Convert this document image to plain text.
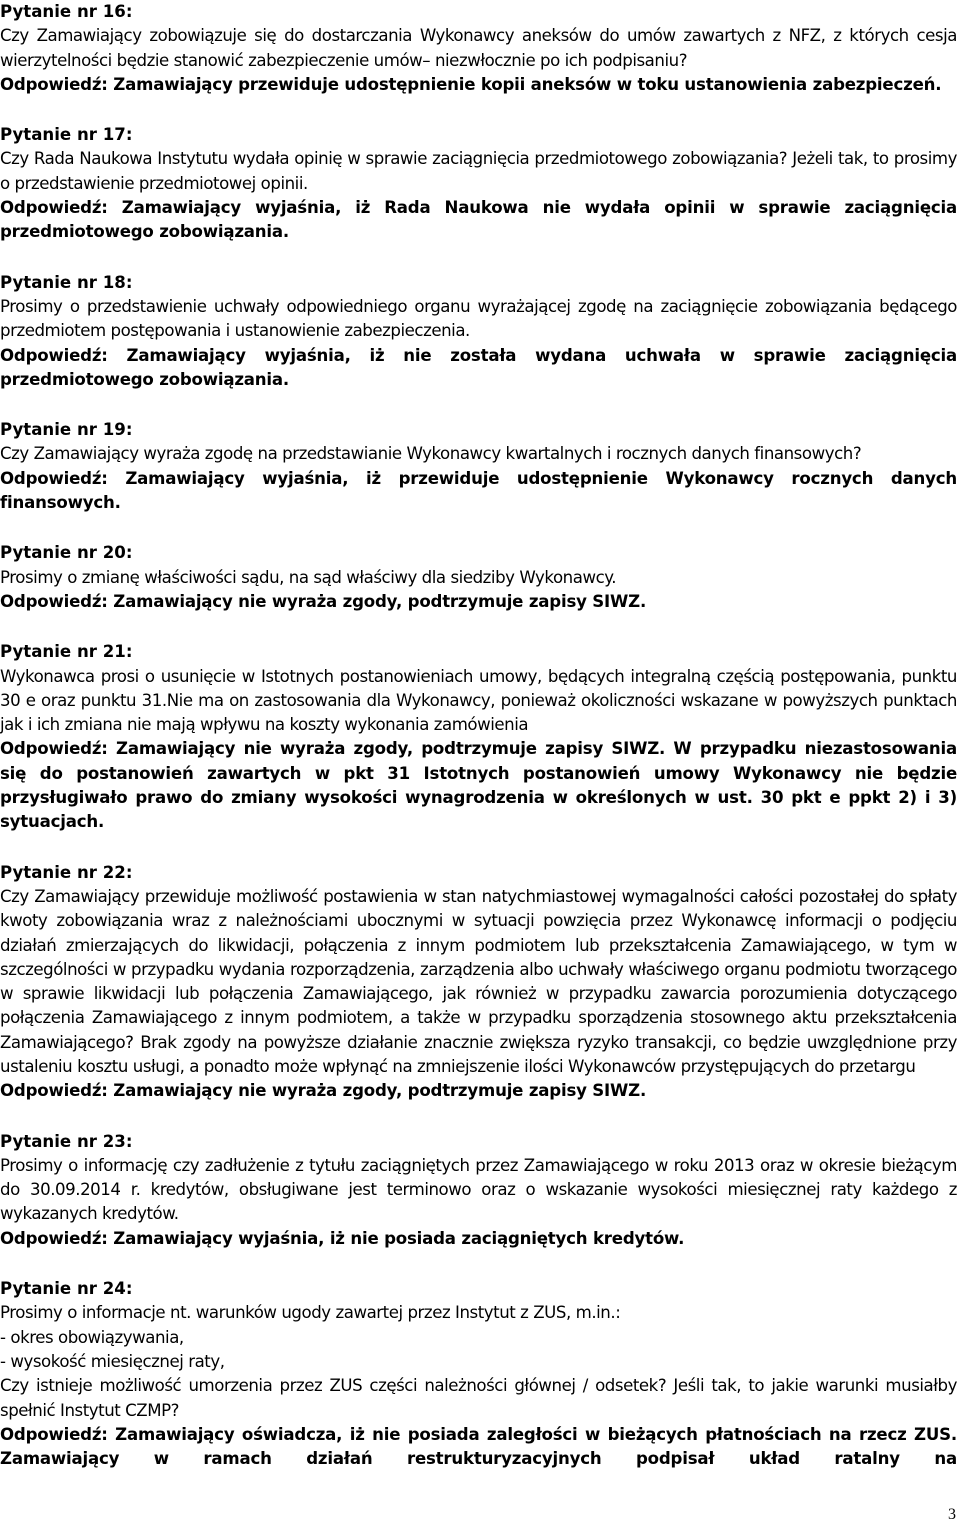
Pytanie nr 16:

Czy Zamawiający zobowiązuje się do dostarczania Wykonawcy aneksów do umów zawartych z NFZ, z których cesja wierzytelności będzie stanowić zabezpieczenie umów– niezwłocznie po ich podpisaniu?

Odpowiedź: Zamawiający przewiduje udostępnienie kopii aneksów w toku ustanowienia zabezpieczeń.

Pytanie nr 17:

Czy Rada Naukowa Instytutu wydała opinię w sprawie zaciągnięcia przedmiotowego zobowiązania? Jeżeli tak, to prosimy o przedstawienie przedmiotowej opinii.

Odpowiedź: Zamawiający wyjaśnia, iż Rada Naukowa nie wydała opinii w sprawie zaciągnięcia przedmiotowego zobowiązania.

Pytanie nr 18:

Prosimy o przedstawienie uchwały odpowiedniego organu wyrażającej zgodę na zaciągnięcie zobowiązania będącego przedmiotem postępowania i ustanowienie zabezpieczenia.

Odpowiedź: Zamawiający wyjaśnia, iż nie została wydana uchwała w sprawie zaciągnięcia przedmiotowego zobowiązania.

Pytanie nr 19:

Czy Zamawiający wyraża zgodę na przedstawianie Wykonawcy kwartalnych i rocznych danych finansowych?

Odpowiedź: Zamawiający wyjaśnia, iż przewiduje udostępnienie Wykonawcy rocznych danych finansowych.

Pytanie nr 20:

Prosimy o zmianę właściwości sądu, na sąd właściwy dla siedziby Wykonawcy.

Odpowiedź: Zamawiający nie wyraża zgody, podtrzymuje zapisy SIWZ.

Pytanie nr 21:

Wykonawca prosi o usunięcie w Istotnych postanowieniach umowy, będących integralną częścią postępowania, punktu 30 e oraz punktu 31.Nie ma on zastosowania dla Wykonawcy, ponieważ okoliczności wskazane w powyższych punktach jak i ich zmiana nie mają wpływu na koszty wykonania zamówienia

Odpowiedź: Zamawiający nie wyraża zgody, podtrzymuje zapisy SIWZ. W przypadku niezastosowania się do postanowień zawartych w pkt 31 Istotnych postanowień umowy Wykonawcy nie będzie przysługiwało prawo do zmiany wysokości wynagrodzenia w określonych w ust. 30 pkt e ppkt 2) i 3) sytuacjach.

Pytanie nr 22:

Czy Zamawiający przewiduje możliwość postawienia w stan natychmiastowej wymagalności całości pozostałej do spłaty kwoty zobowiązania wraz z należnościami ubocznymi w sytuacji powzięcia przez Wykonawcę informacji o podjęciu działań zmierzających do likwidacji, połączenia z innym podmiotem lub przekształcenia Zamawiającego, w tym w szczególności w przypadku wydania rozporządzenia, zarządzenia albo uchwały właściwego organu podmiotu tworzącego w sprawie likwidacji lub połączenia Zamawiającego, jak również w przypadku zawarcia porozumienia dotyczącego połączenia Zamawiającego z innym podmiotem, a także w przypadku sporządzenia stosownego aktu przekształcenia Zamawiającego? Brak zgody na powyższe działanie znacznie zwiększa ryzyko transakcji, co będzie uwzględnione przy ustaleniu kosztu usługi, a ponadto może wpłynąć na zmniejszenie ilości Wykonawców przystępujących do przetargu

Odpowiedź: Zamawiający nie wyraża zgody, podtrzymuje zapisy SIWZ.

Pytanie nr 23:

Prosimy o informację czy zadłużenie z tytułu zaciągniętych przez Zamawiającego w roku 2013 oraz w okresie bieżącym do 30.09.2014 r. kredytów, obsługiwane jest terminowo oraz o wskazanie wysokości miesięcznej raty każdego z wykazanych kredytów.

Odpowiedź: Zamawiający wyjaśnia, iż nie posiada zaciągniętych kredytów.

Pytanie nr 24:

Prosimy o informacje nt. warunków ugody zawartej przez Instytut z ZUS, m.in.:

- okres obowiązywania,

- wysokość miesięcznej raty,

Czy istnieje możliwość umorzenia przez ZUS części należności głównej / odsetek? Jeśli tak, to jakie warunki musiałby spełnić Instytut CZMP?

Odpowiedź: Zamawiający oświadcza, iż nie posiada zaległości w bieżących płatnościach na rzecz ZUS. Zamawiający w ramach działań restrukturyzacyjnych podpisał układ ratalny na

3
